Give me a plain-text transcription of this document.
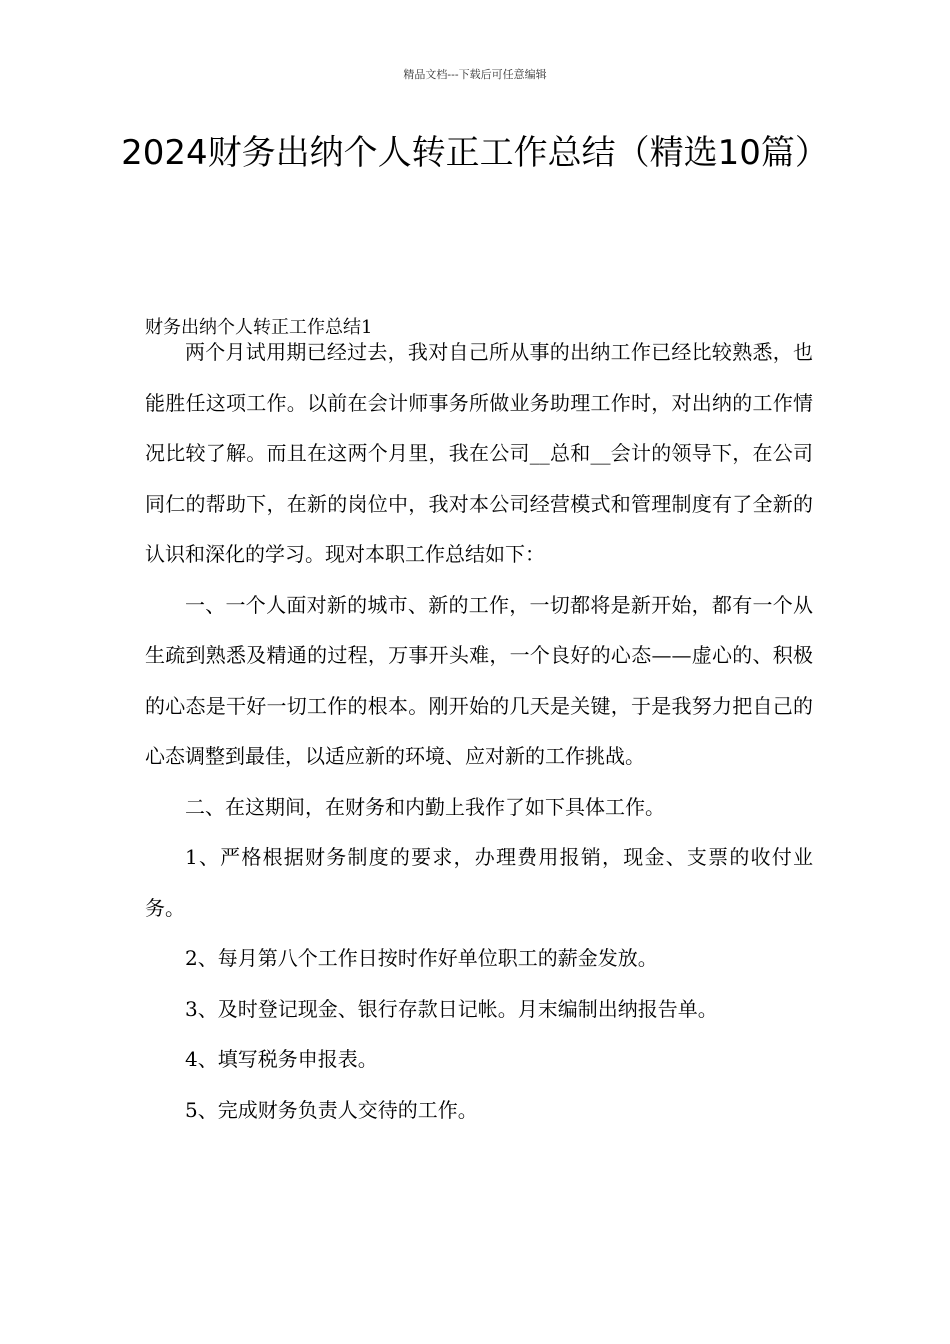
精品文档---下载后可任意编辑
2024财务出纳个人转正工作总结（精选10篇）
财务出纳个人转正工作总结1

两个月试用期已经过去，我对自己所从事的出纳工作已经比较熟悉，也能胜任这项工作。以前在会计师事务所做业务助理工作时，对出纳的工作情况比较了解。而且在这两个月里，我在公司__总和__会计的领导下，在公司同仁的帮助下，在新的岗位中，我对本公司经营模式和管理制度有了全新的认识和深化的学习。现对本职工作总结如下：

一、一个人面对新的城市、新的工作，一切都将是新开始，都有一个从生疏到熟悉及精通的过程，万事开头难，一个良好的心态——虚心的、积极的心态是干好一切工作的根本。刚开始的几天是关键，于是我努力把自己的心态调整到最佳，以适应新的环境、应对新的工作挑战。

二、在这期间，在财务和内勤上我作了如下具体工作。

1、严格根据财务制度的要求，办理费用报销，现金、支票的收付业务。

2、每月第八个工作日按时作好单位职工的薪金发放。

3、及时登记现金、银行存款日记帐。月末编制出纳报告单。

4、填写税务申报表。

5、完成财务负责人交待的工作。
